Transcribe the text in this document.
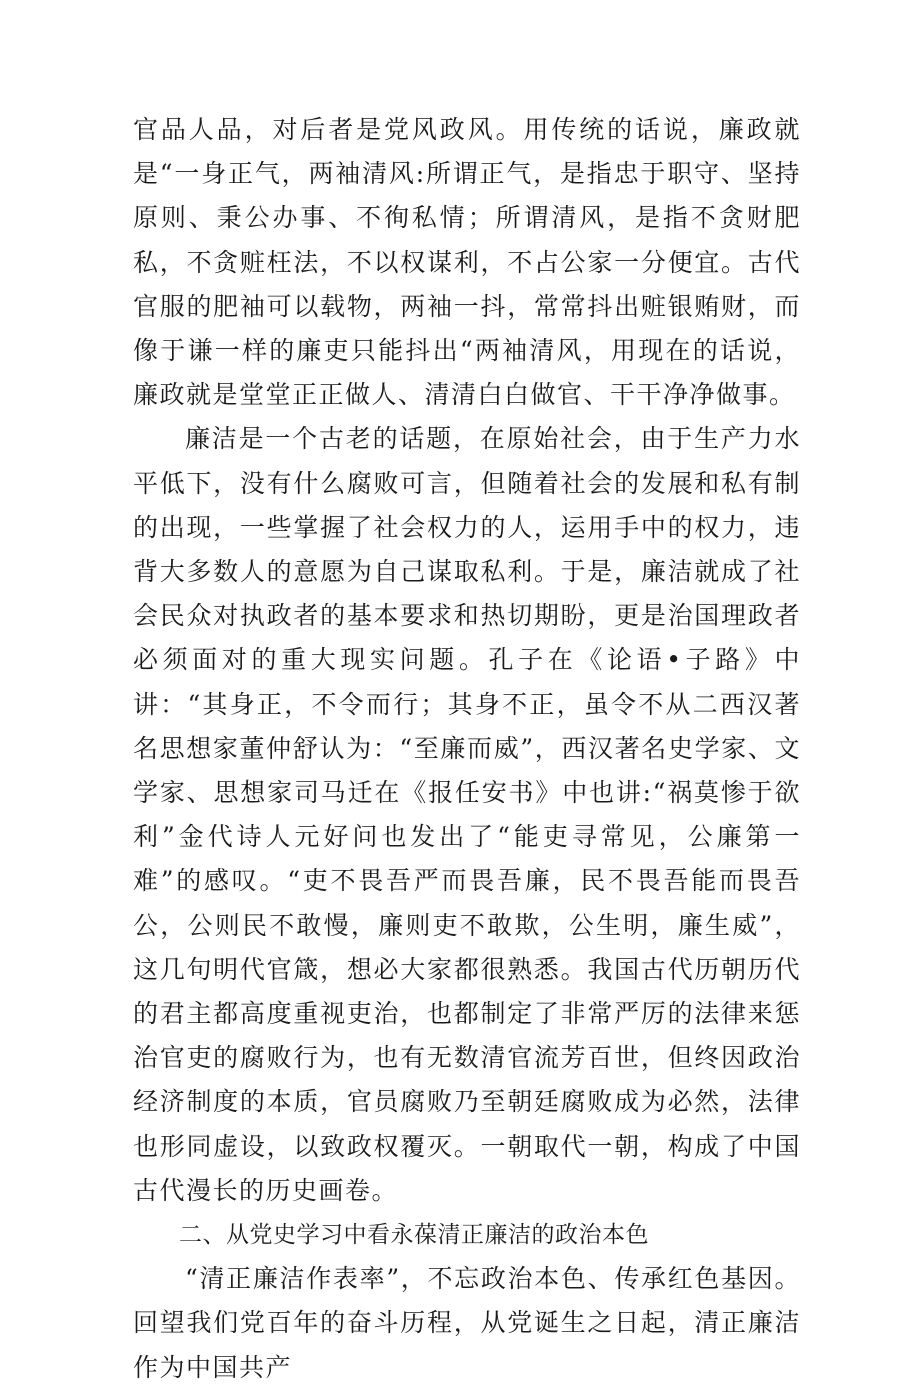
官品人品，对后者是党风政风。用传统的话说，廉政就是“一身正气，两袖清风:所谓正气，是指忠于职守、坚持原则、秉公办事、不徇私情；所谓清风，是指不贪财肥私，不贪赃枉法，不以权谋利，不占公家一分便宜。古代官服的肥袖可以载物，两袖一抖，常常抖出赃银贿财，而像于谦一样的廉吏只能抖出“两袖清风，用现在的话说，廉政就是堂堂正正做人、清清白白做官、干干净净做事。

廉洁是一个古老的话题，在原始社会，由于生产力水平低下，没有什么腐败可言，但随着社会的发展和私有制的出现，一些掌握了社会权力的人，运用手中的权力，违背大多数人的意愿为自己谋取私利。于是，廉洁就成了社会民众对执政者的基本要求和热切期盼，更是治国理政者必须面对的重大现实问题。孔子在《论语•子路》中讲：“其身正，不令而行；其身不正，虽令不从二西汉著名思想家董仲舒认为：“至廉而威”，西汉著名史学家、文学家、思想家司马迁在《报任安书》中也讲:“祸莫惨于欲利”金代诗人元好问也发出了“能吏寻常见，公廉第一难”的感叹。“吏不畏吾严而畏吾廉，民不畏吾能而畏吾公，公则民不敢慢，廉则吏不敢欺，公生明，廉生威”，这几句明代官箴，想必大家都很熟悉。我国古代历朝历代的君主都高度重视吏治，也都制定了非常严厉的法律来惩治官吏的腐败行为，也有无数清官流芳百世，但终因政治经济制度的本质，官员腐败乃至朝廷腐败成为必然，法律也形同虚设，以致政权覆灭。一朝取代一朝，构成了中国古代漫长的历史画卷。

二、从党史学习中看永葆清正廉洁的政治本色

“清正廉洁作表率”，不忘政治本色、传承红色基因。回望我们党百年的奋斗历程，从党诞生之日起，清正廉洁作为中国共产
